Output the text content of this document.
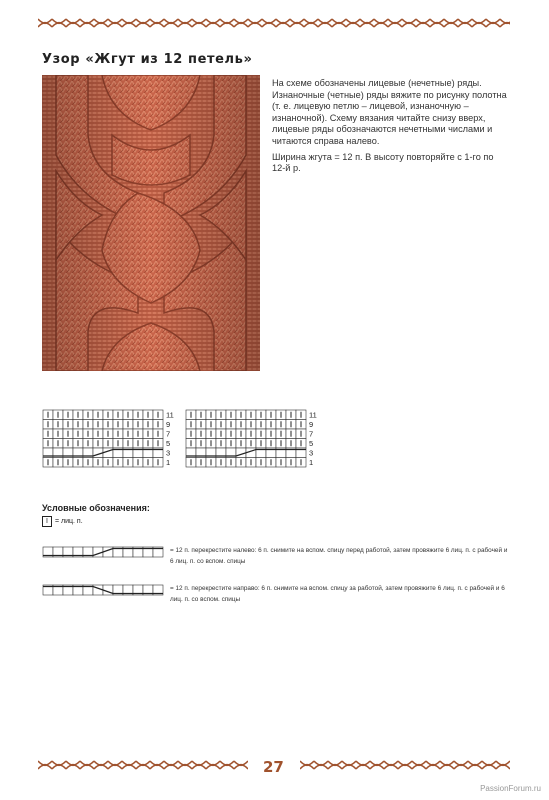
Узор «Жгут из 12 петель»

На схеме обозначены лицевые (нечетные) ряды. Изнаночные (четные) ряды вяжите по рисунку полотна (т. е. лицевую петлю – лицевой, изнаночную – изнаночной). Схему вязания читайте снизу вверх, лицевые ряды обозначаются нечетными числами и читаются справа налево.

Ширина жгута = 12 п. В высоту повторяйте с 1-го по 12-й р.

11
9
7
5
3
1
11
9
7
5
3
1
Условные обозначения:
I	= лиц. п.
= 12 п. перекрестите налево: 6 п. снимите на вспом. спицу перед работой, затем провяжите 6 лиц. п. с рабочей и 6 лиц. п. со вспом. спицы
= 12 п. перекрестите направо: 6 п. снимите на вспом. спицу за работой, затем провяжите 6 лиц. п. с рабочей и 6 лиц. п. со вспом. спицы
27
PassionForum.ru
